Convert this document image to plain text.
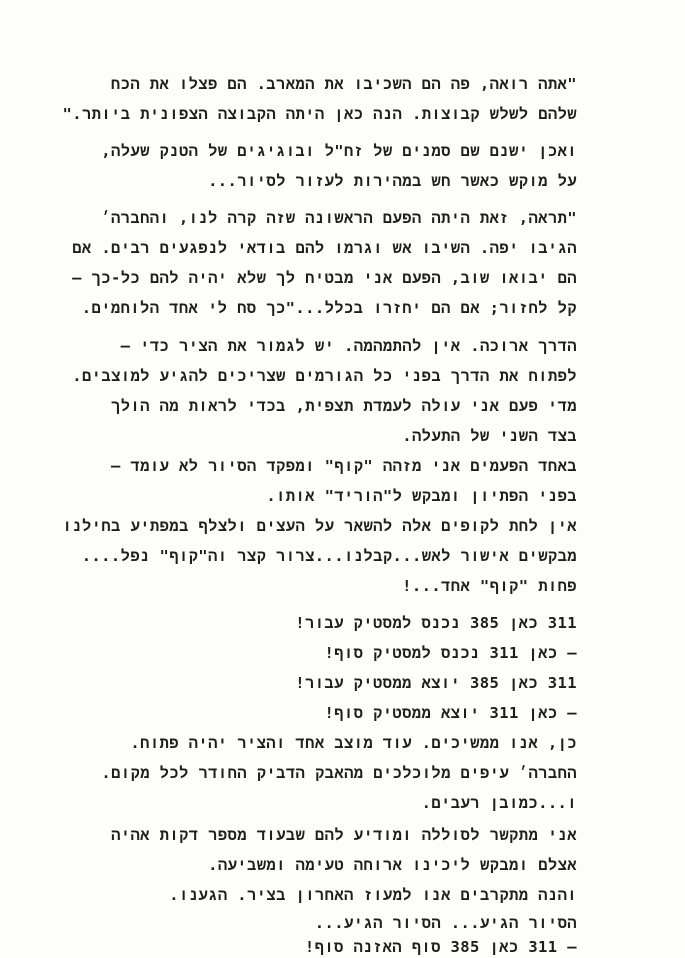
"אתה רואה, פה הם השכיבו את המארב. הם פצלו את הכח
שלהם לשלש קבוצות. הנה כאן היתה הקבוצה הצפונית ביותר."
ואכן ישנם שם סמנים של זח"ל ובוגיגים של הטנק שעלה,
על מוקש כאשר חש במהירות לעזור לסיור...
"תראה, זאת היתה הפעם הראשונה שזה קרה לנו, והחברה׳
הגיבו יפה. השיבו אש וגרמו להם בודאי לנפגעים רבים. אם
הם יבואו שוב, הפעם אני מבטיח לך שלא יהיה להם כל-כך –
קל לחזור; אם הם יחזרו בכלל..."כך סח לי אחד הלוחמים.
הדרך ארוכה. אין להתמהמה. יש לגמור את הציר כדי –
לפתוח את הדרך בפני כל הגורמים שצריכים להגיע למוצבים.
מדי פעם אני עולה לעמדת תצפית, בכדי לראות מה הולך
בצד השני של התעלה.
באחד הפעמים אני מזהה "קוף" ומפקד הסיור לא עומד –
בפני הפתיון ומבקש ל"הוריד" אותו.
אין לחת לקופים אלה להשאר על העצים ולצלף במפתיע בחילנו
מבקשים אישור לאש...קבלנו...צרור קצר וה"קוף" נפל....
פחות "קוף" אחד...!
311 כאן 385 נכנס למסטיק עבור!
– כאן 311 נכנס למסטיק סוף!
311 כאן 385 יוצא ממסטיק עבור!
– כאן 311 יוצא ממסטיק סוף!
כן, אנו ממשיכים. עוד מוצב אחד והציר יהיה פתוח.
החברה׳ עיפים מלוכלכים מהאבק הדביק החודר לכל מקום.
ו...כמובן רעבים.
אני מתקשר לסוללה ומודיע להם שבעוד מספר דקות אהיה
אצלם ומבקש ליכינו ארוחה טעימה ומשביעה.
והנה מתקרבים אנו למעוז האחרון בציר. הגענו.
הסיור הגיע... הסיור הגיע...
– 311 כאן 385 סוף האזנה סוף!
